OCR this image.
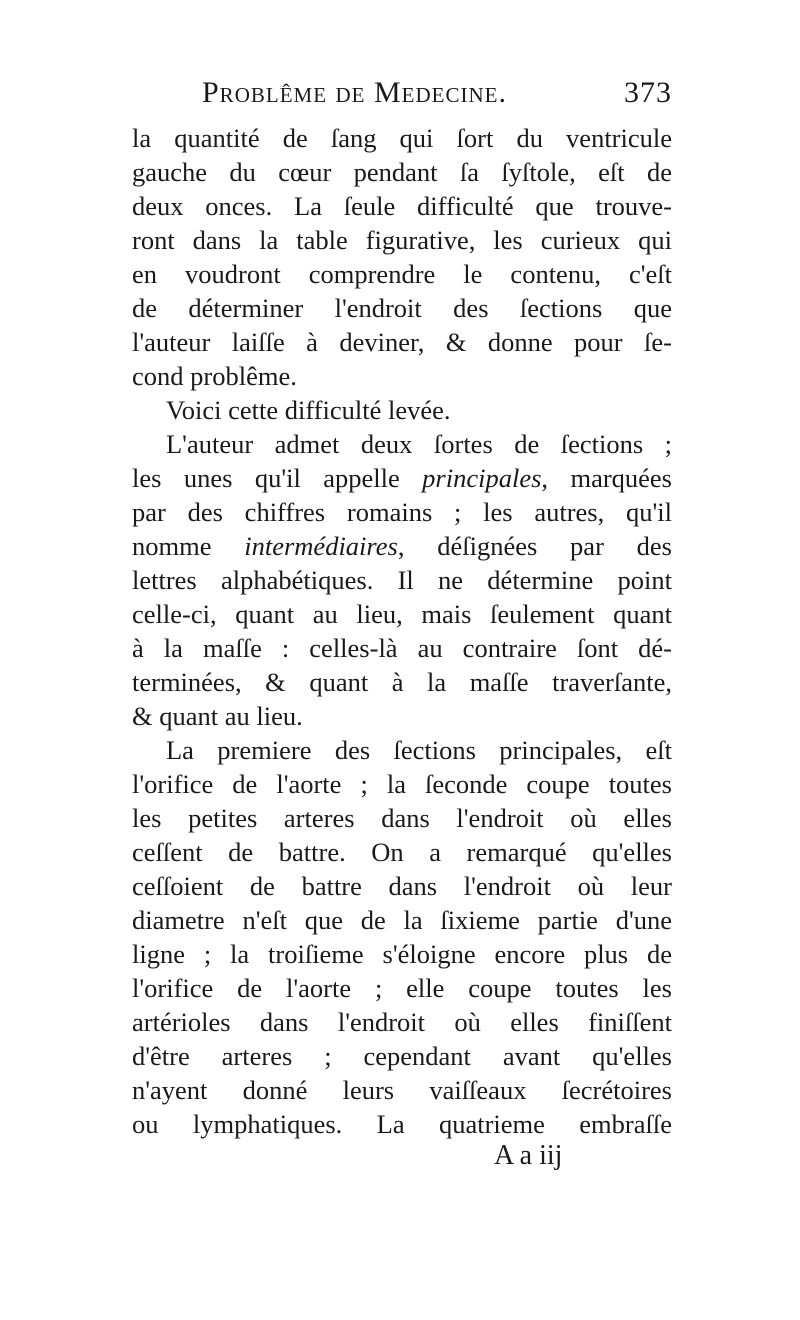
Problême de Medecine.	373
la quantité de ſang qui ſort du ventricule
gauche du cœur pendant ſa ſyſtole, eſt de
deux onces. La ſeule difficulté que trouve-
ront dans la table figurative, les curieux qui
en voudront comprendre le contenu, c'eſt
de déterminer l'endroit des ſections que
l'auteur laiſſe à deviner, & donne pour ſe-
cond problême.
Voici cette difficulté levée.
L'auteur admet deux ſortes de ſections ;
les unes qu'il appelle principales, marquées
par des chiffres romains ; les autres, qu'il
nomme intermédiaires, déſignées par des
lettres alphabétiques. Il ne détermine point
celle-ci, quant au lieu, mais ſeulement quant
à la maſſe : celles-là au contraire ſont dé-
terminées, & quant à la maſſe traverſante,
& quant au lieu.
La premiere des ſections principales, eſt
l'orifice de l'aorte ; la ſeconde coupe toutes
les petites arteres dans l'endroit où elles
ceſſent de battre. On a remarqué qu'elles
ceſſoient de battre dans l'endroit où leur
diametre n'eſt que de la ſixieme partie d'une
ligne ; la troiſieme s'éloigne encore plus de
l'orifice de l'aorte ; elle coupe toutes les
artérioles dans l'endroit où elles finiſſent
d'être arteres ; cependant avant qu'elles
n'ayent donné leurs vaiſſeaux ſecrétoires
ou lymphatiques. La quatrieme embraſſe
A a iij
